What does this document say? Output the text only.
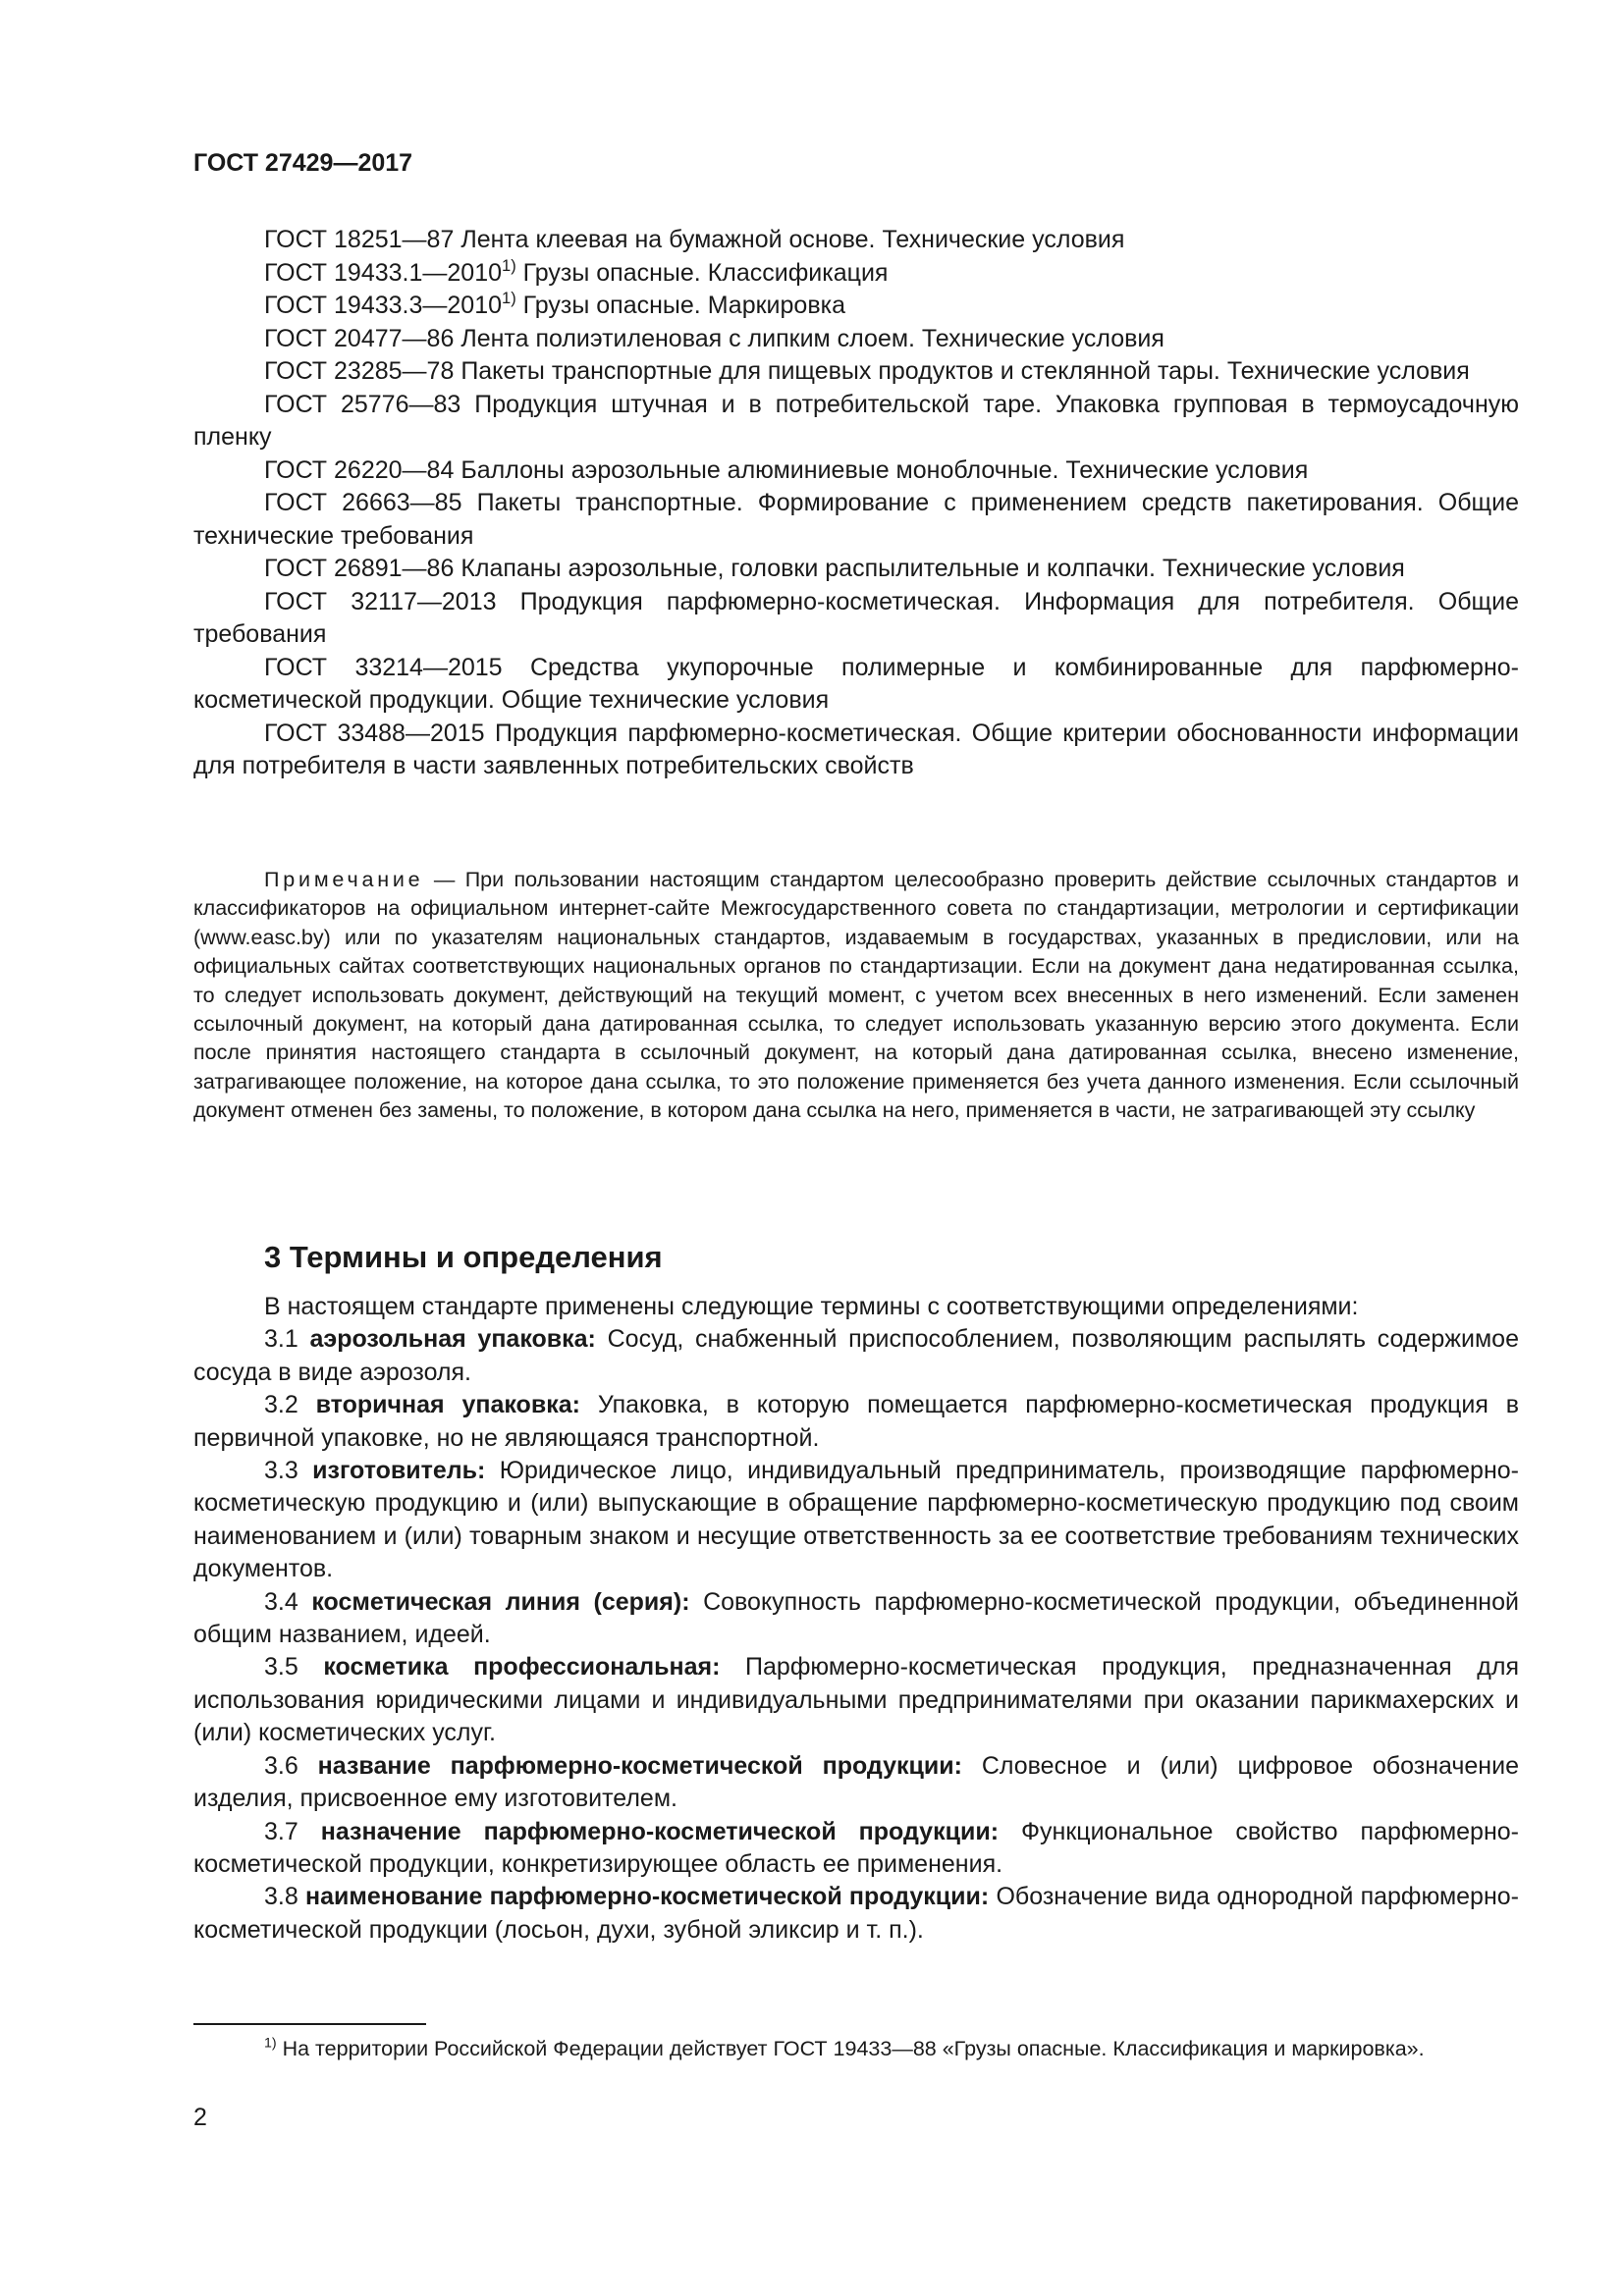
ГОСТ 27429—2017

ГОСТ 18251—87 Лента клеевая на бумажной основе. Технические условия

ГОСТ 19433.1—2010$^{1)}$ Грузы опасные. Классификация

ГОСТ 19433.3—2010$^{1)}$ Грузы опасные. Маркировка

ГОСТ 20477—86 Лента полиэтиленовая с липким слоем. Технические условия

ГОСТ 23285—78 Пакеты транспортные для пищевых продуктов и стеклянной тары. Технические условия

ГОСТ 25776—83 Продукция штучная и в потребительской таре. Упаковка групповая в термоусадочную пленку

ГОСТ 26220—84 Баллоны аэрозольные алюминиевые моноблочные. Технические условия

ГОСТ 26663—85 Пакеты транспортные. Формирование с применением средств пакетирования. Общие технические требования

ГОСТ 26891—86 Клапаны аэрозольные, головки распылительные и колпачки. Технические условия

ГОСТ 32117—2013 Продукция парфюмерно-косметическая. Информация для потребителя. Общие требования

ГОСТ 33214—2015 Средства укупорочные полимерные и комбинированные для парфюмерно-косметической продукции. Общие технические условия

ГОСТ 33488—2015 Продукция парфюмерно-косметическая. Общие критерии обоснованности информации для потребителя в части заявленных потребительских свойств

Примечание — При пользовании настоящим стандартом целесообразно проверить действие ссылочных стандартов и классификаторов на официальном интернет-сайте Межгосударственного совета по стандартизации, метрологии и сертификации (www.easc.by) или по указателям национальных стандартов, издаваемым в государствах, указанных в предисловии, или на официальных сайтах соответствующих национальных органов по стандартизации. Если на документ дана недатированная ссылка, то следует использовать документ, действующий на текущий момент, с учетом всех внесенных в него изменений. Если заменен ссылочный документ, на который дана датированная ссылка, то следует использовать указанную версию этого документа. Если после принятия настоящего стандарта в ссылочный документ, на который дана датированная ссылка, внесено изменение, затрагивающее положение, на которое дана ссылка, то это положение применяется без учета данного изменения. Если ссылочный документ отменен без замены, то положение, в котором дана ссылка на него, применяется в части, не затрагивающей эту ссылку

3 Термины и определения

В настоящем стандарте применены следующие термины с соответствующими определениями:

3.1 аэрозольная упаковка: Сосуд, снабженный приспособлением, позволяющим распылять содержимое сосуда в виде аэрозоля.

3.2 вторичная упаковка: Упаковка, в которую помещается парфюмерно-косметическая продукция в первичной упаковке, но не являющаяся транспортной.

3.3 изготовитель: Юридическое лицо, индивидуальный предприниматель, производящие парфюмерно-косметическую продукцию и (или) выпускающие в обращение парфюмерно-косметическую продукцию под своим наименованием и (или) товарным знаком и несущие ответственность за ее соответствие требованиям технических документов.

3.4 косметическая линия (серия): Совокупность парфюмерно-косметической продукции, объединенной общим названием, идеей.

3.5 косметика профессиональная: Парфюмерно-косметическая продукция, предназначенная для использования юридическими лицами и индивидуальными предпринимателями при оказании парикмахерских и (или) косметических услуг.

3.6 название парфюмерно-косметической продукции: Словесное и (или) цифровое обозначение изделия, присвоенное ему изготовителем.

3.7 назначение парфюмерно-косметической продукции: Функциональное свойство парфюмерно-косметической продукции, конкретизирующее область ее применения.

3.8 наименование парфюмерно-косметической продукции: Обозначение вида однородной парфюмерно-косметической продукции (лосьон, духи, зубной эликсир и т. п.).

$^{1)}$ На территории Российской Федерации действует ГОСТ 19433—88 «Грузы опасные. Классификация и маркировка».

2
